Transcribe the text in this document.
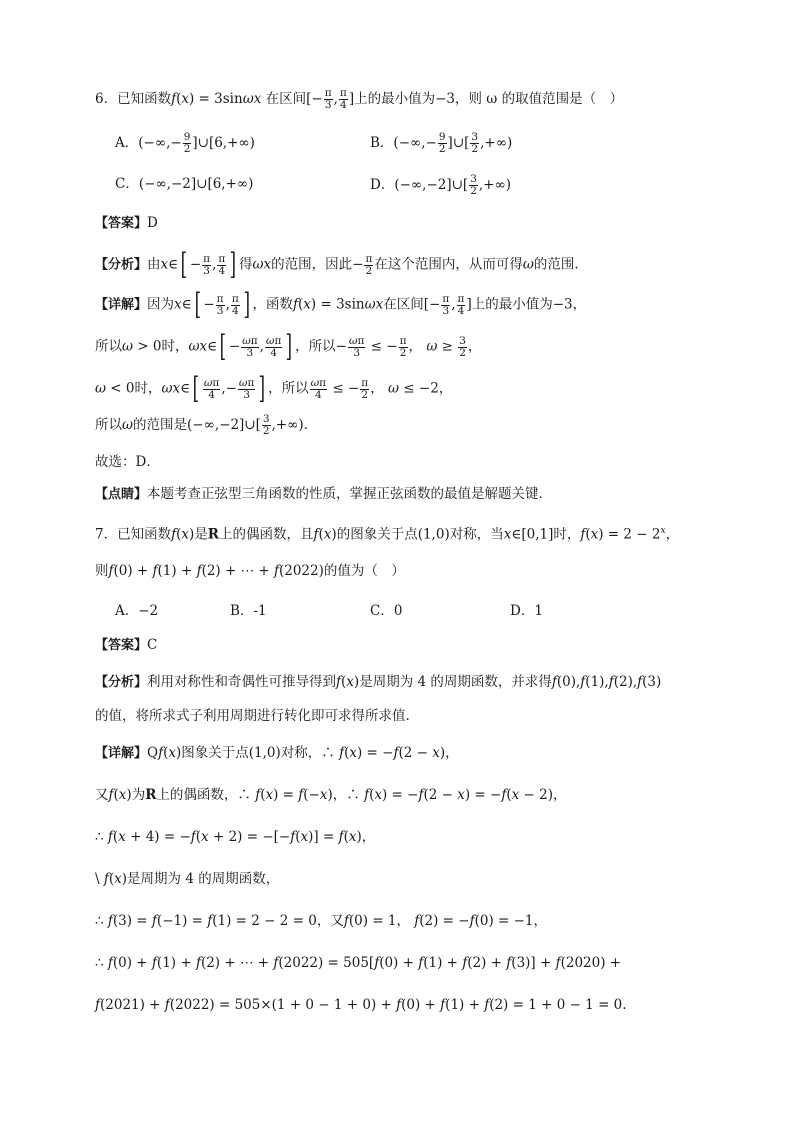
6．已知函数f(x) = 3sinωx 在区间[− $\frac{\pi}{3}$ , $\frac{\pi}{4}$ ]上的最小值为−3，则 ω 的取值范围是（　）
A．(−∞,− $\frac{9}{2}$ ]∪[6,+∞)	B．(−∞,− $\frac{9}{2}$ ]∪[ $\frac{3}{2}$ ,+∞)
C．(−∞,−2]∪[6,+∞)	D．(−∞,−2]∪[ $\frac{3}{2}$ ,+∞)
【答案】D
【分析】由x∈[ − $\frac{\pi}{3}$ , $\frac{\pi}{4}$ ] 得ωx的范围，因此− $\frac{\pi}{2}$ 在这个范围内，从而可得ω的范围．
【详解】因为x∈[ − $\frac{\pi}{3}$ , $\frac{\pi}{4}$ ] ，函数f(x) = 3sinωx在区间[− $\frac{\pi}{3}$ , $\frac{\pi}{4}$ ]上的最小值为−3，
所以ω > 0时，ωx∈[ − $\frac{\omega\pi}{3}$ , $\frac{\omega\pi}{4}$ ] ，所以− $\frac{\omega\pi}{3}$ ≤ − $\frac{\pi}{2}$ ， $\omega \ge \frac{3}{2}$ ，
ω < 0时，ωx∈[ $\frac{\omega\pi}{4}$ ,− $\frac{\omega\pi}{3}$ ] ，所以 $\frac{\omega\pi}{4}$ ≤ − $\frac{\pi}{2}$ ， ω ≤ −2，
所以ω的范围是(−∞,−2]∪[ $\frac{3}{2}$ ,+∞)．
故选：D．
【点睛】本题考查正弦型三角函数的性质，掌握正弦函数的最值是解题关键．
7．已知函数f(x)是R上的偶函数，且f(x)的图象关于点(1,0)对称，当x∈[0,1]时，$f(x) = 2 - 2^x$，
则f(0) + f(1) + f(2) + ⋯ + f(2022)的值为（　）
A．−2	B．-1	C．0	D．1
【答案】C
【分析】利用对称性和奇偶性可推导得到f(x)是周期为 4 的周期函数，并求得f(0),f(1),f(2),f(3)
的值，将所求式子利用周期进行转化即可求得所求值.
【详解】Qf(x)图象关于点(1,0)对称，∴ f(x) = −f(2 − x)，
又f(x)为R上的偶函数，∴ f(x) = f(−x)，∴ f(x) = −f(2 − x) = −f(x − 2)，
∴ f(x + 4) = −f(x + 2) = −[−f(x)] = f(x)，
\ f(x)是周期为 4 的周期函数，
∴ f(3) = f(−1) = f(1) = 2 − 2 = 0，又f(0) = 1， f(2) = −f(0) = −1，
∴ f(0) + f(1) + f(2) + ⋯ + f(2022) = 505[f(0) + f(1) + f(2) + f(3)] + f(2020) +
f(2021) + f(2022) = 505×(1 + 0 − 1 + 0) + f(0) + f(1) + f(2) = 1 + 0 − 1 = 0.
